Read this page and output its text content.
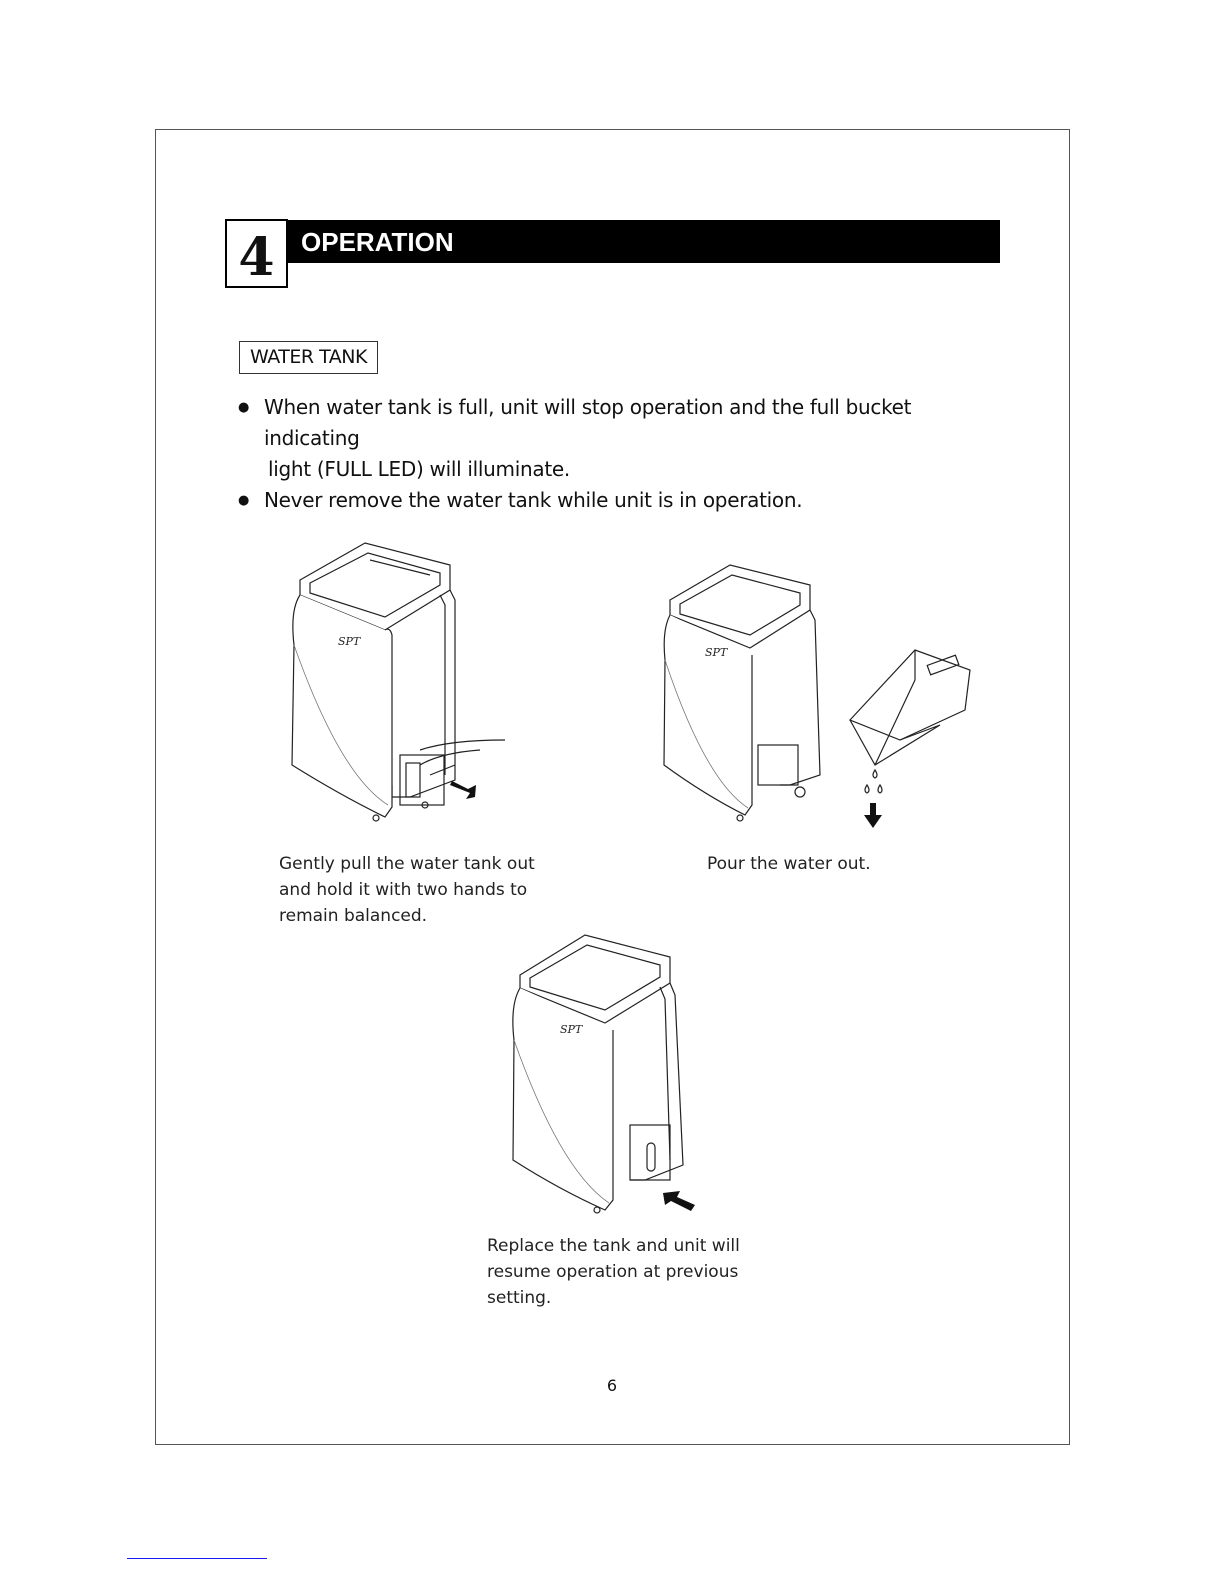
4	OPERATION
WATER TANK
● When water tank is full, unit will stop operation and the full bucket indicating
light (FULL LED) will illuminate.
● Never remove the water tank while unit is in operation.
SPT
Gently pull the water tank out
and hold it with two hands to
remain balanced.
SPT
Pour the water out.
SPT
Replace the tank and unit will
resume operation at previous
setting.
6
